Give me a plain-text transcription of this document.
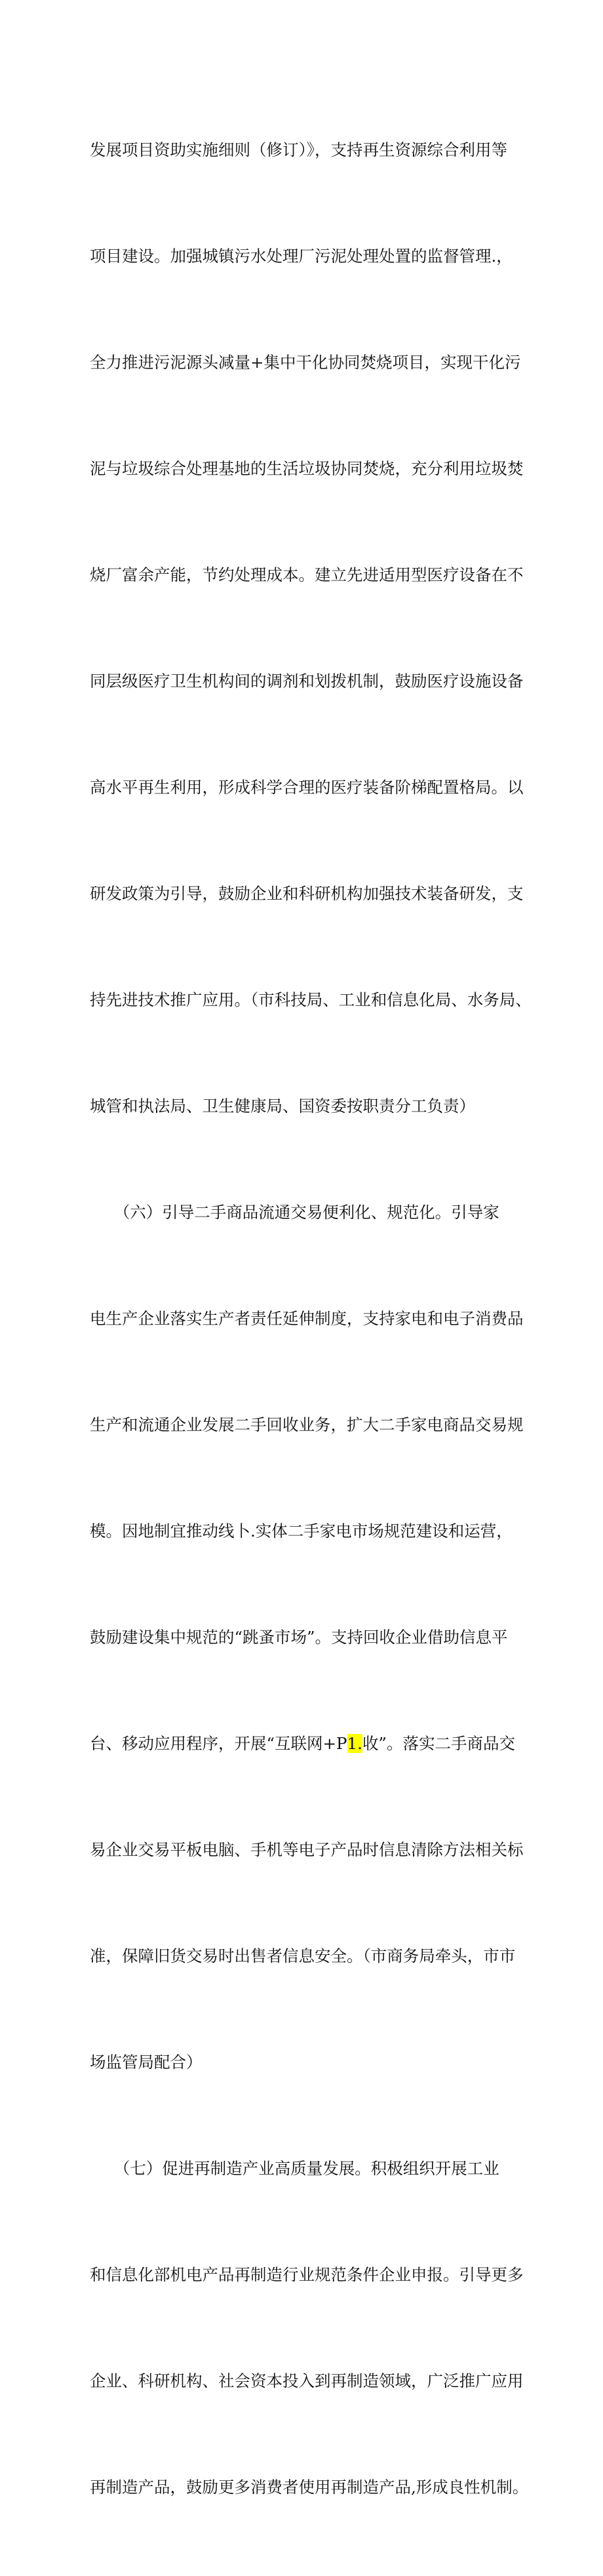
发展项目资助实施细则（修订）》，支持再生资源综合利用等

项目建设。加强城镇污水处理厂污泥处理处置的监督管理.，

全力推进污泥源头减量+集中干化协同焚烧项目，实现干化污

泥与垃圾综合处理基地的生活垃圾协同焚烧，充分利用垃圾焚

烧厂富余产能，节约处理成本。建立先进适用型医疗设备在不

同层级医疗卫生机构间的调剂和划拨机制，鼓励医疗设施设备

高水平再生利用，形成科学合理的医疗装备阶梯配置格局。以

研发政策为引导，鼓励企业和科研机构加强技术装备研发，支

持先进技术推广应用。（市科技局、工业和信息化局、水务局、

城管和执法局、卫生健康局、国资委按职责分工负责）

　　（六）引导二手商品流通交易便利化、规范化。引导家

电生产企业落实生产者责任延伸制度，支持家电和电子消费品

生产和流通企业发展二手回收业务，扩大二手家电商品交易规

模。因地制宜推动线卜.实体二手家电市场规范建设和运营，

鼓励建设集中规范的“跳蚤市场”。支持回收企业借助信息平

台、移动应用程序，开展“互联网+P1.收”。落实二手商品交

易企业交易平板电脑、手机等电子产品时信息清除方法相关标

准，保障旧货交易时出售者信息安全。（市商务局牵头，市市

场监管局配合）

　　（七）促进再制造产业高质量发展。积极组织开展工业

和信息化部机电产品再制造行业规范条件企业申报。引导更多

企业、科研机构、社会资本投入到再制造领域，广泛推广应用

再制造产品，鼓励更多消费者使用再制造产品,形成良性机制。
